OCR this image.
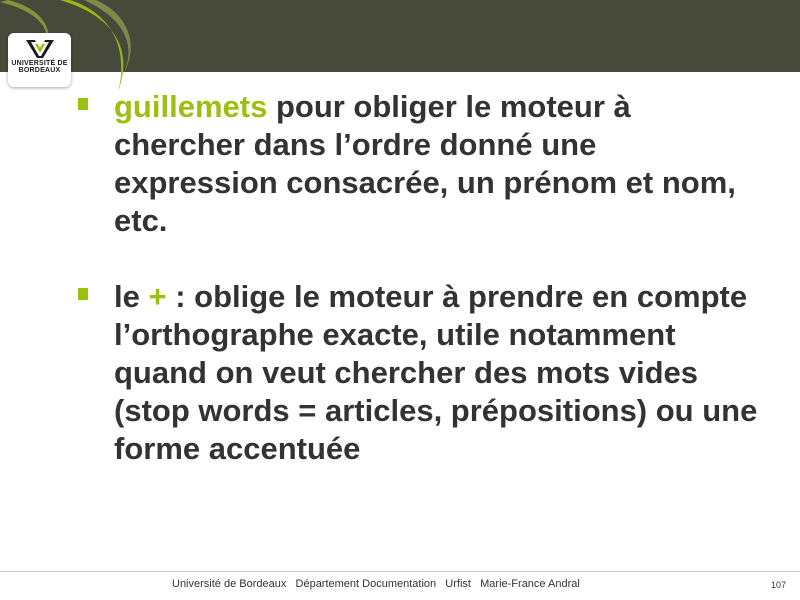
UNIVERSITÉ DE
BORDEAUX
guillemets pour obliger le moteur à chercher dans l’ordre donné une expression consacrée, un prénom et nom, etc.
le + : oblige le moteur à prendre en compte l’orthographe exacte, utile notamment quand on veut chercher des mots vides (stop words = articles, prépositions) ou une forme accentuée
Université de Bordeaux   Département Documentation   Urfist   Marie-France Andral	107
